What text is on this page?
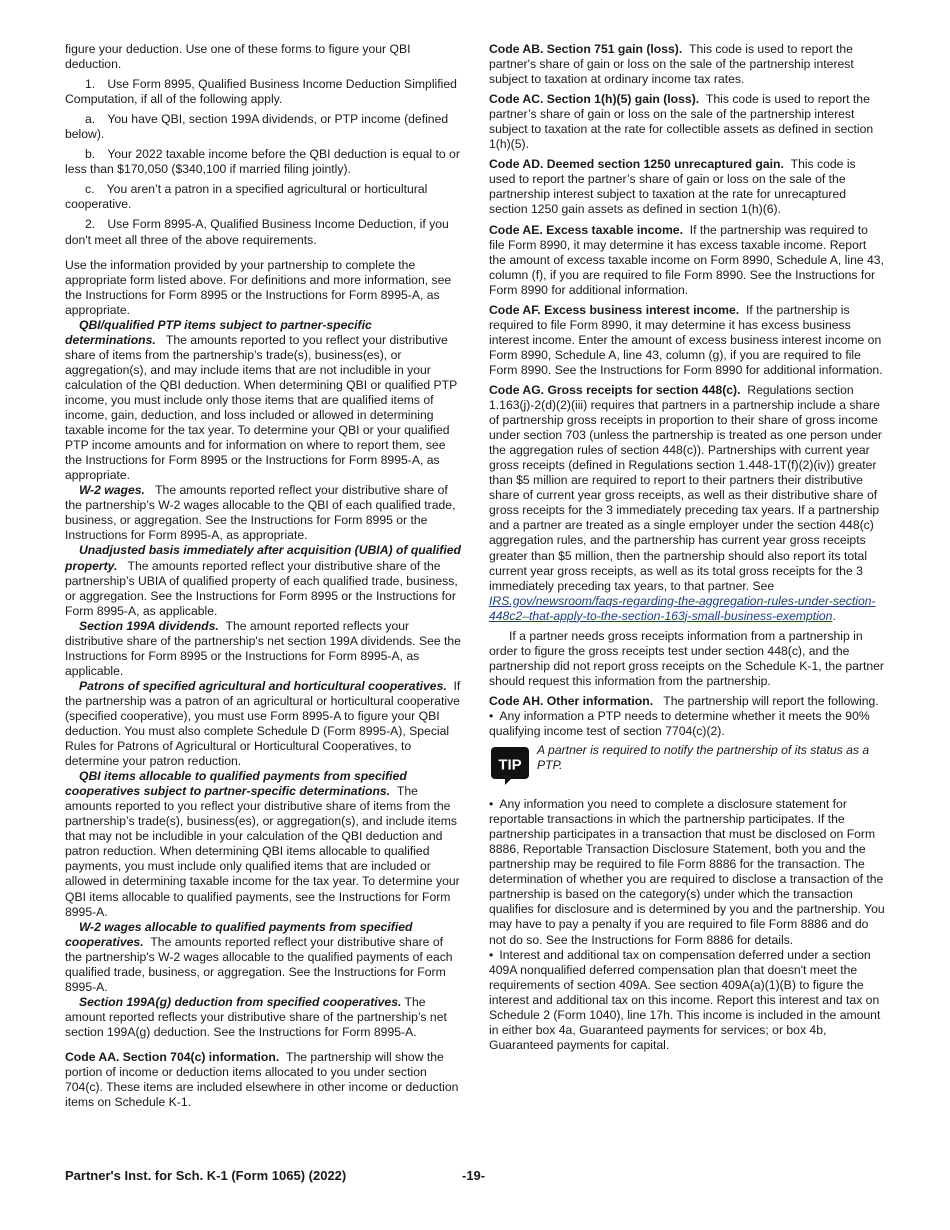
figure your deduction. Use one of these forms to figure your QBI deduction.

1. Use Form 8995, Qualified Business Income Deduction Simplified Computation, if all of the following apply.

a. You have QBI, section 199A dividends, or PTP income (defined below).

b. Your 2022 taxable income before the QBI deduction is equal to or less than $170,050 ($340,100 if married filing jointly).

c. You aren’t a patron in a specified agricultural or horticultural cooperative.

2. Use Form 8995-A, Qualified Business Income Deduction, if you don't meet all three of the above requirements.

Use the information provided by your partnership to complete the appropriate form listed above. For definitions and more information, see the Instructions for Form 8995 or the Instructions for Form 8995-A, as appropriate.

QBI/qualified PTP items subject to partner-specific determinations. The amounts reported to you reflect your distributive share of items from the partnership’s trade(s), business(es), or aggregation(s), and may include items that are not includible in your calculation of the QBI deduction. When determining QBI or qualified PTP income, you must include only those items that are qualified items of income, gain, deduction, and loss included or allowed in determining taxable income for the tax year. To determine your QBI or your qualified PTP income amounts and for information on where to report them, see the Instructions for Form 8995 or the Instructions for Form 8995-A, as appropriate.

W-2 wages. The amounts reported reflect your distributive share of the partnership’s W-2 wages allocable to the QBI of each qualified trade, business, or aggregation. See the Instructions for Form 8995 or the Instructions for Form 8995-A, as appropriate.

Unadjusted basis immediately after acquisition (UBIA) of qualified property. The amounts reported reflect your distributive share of the partnership’s UBIA of qualified property of each qualified trade, business, or aggregation. See the Instructions for Form 8995 or the Instructions for Form 8995-A, as applicable.

Section 199A dividends. The amount reported reflects your distributive share of the partnership's net section 199A dividends. See the Instructions for Form 8995 or the Instructions for Form 8995-A, as applicable.

Patrons of specified agricultural and horticultural cooperatives. If the partnership was a patron of an agricultural or horticultural cooperative (specified cooperative), you must use Form 8995-A to figure your QBI deduction. You must also complete Schedule D (Form 8995-A), Special Rules for Patrons of Agricultural or Horticultural Cooperatives, to determine your patron reduction.

QBI items allocable to qualified payments from specified cooperatives subject to partner-specific determinations. The amounts reported to you reflect your distributive share of items from the partnership’s trade(s), business(es), or aggregation(s), and include items that may not be includible in your calculation of the QBI deduction and patron reduction. When determining QBI items allocable to qualified payments, you must include only qualified items that are included or allowed in determining taxable income for the tax year. To determine your QBI items allocable to qualified payments, see the Instructions for Form 8995-A.

W-2 wages allocable to qualified payments from specified cooperatives. The amounts reported reflect your distributive share of the partnership's W-2 wages allocable to the qualified payments of each qualified trade, business, or aggregation. See the Instructions for Form 8995-A.

Section 199A(g) deduction from specified cooperatives. The amount reported reflects your distributive share of the partnership’s net section 199A(g) deduction. See the Instructions for Form 8995-A.

Code AA. Section 704(c) information. The partnership will show the portion of income or deduction items allocated to you under section 704(c). These items are included elsewhere in other income or deduction items on Schedule K-1.

Code AB. Section 751 gain (loss). This code is used to report the partner's share of gain or loss on the sale of the partnership interest subject to taxation at ordinary income tax rates.

Code AC. Section 1(h)(5) gain (loss). This code is used to report the partner’s share of gain or loss on the sale of the partnership interest subject to taxation at the rate for collectible assets as defined in section 1(h)(5).

Code AD. Deemed section 1250 unrecaptured gain. This code is used to report the partner’s share of gain or loss on the sale of the partnership interest subject to taxation at the rate for unrecaptured section 1250 gain assets as defined in section 1(h)(6).

Code AE. Excess taxable income. If the partnership was required to file Form 8990, it may determine it has excess taxable income. Report the amount of excess taxable income on Form 8990, Schedule A, line 43, column (f), if you are required to file Form 8990. See the Instructions for Form 8990 for additional information.

Code AF. Excess business interest income. If the partnership is required to file Form 8990, it may determine it has excess business interest income. Enter the amount of excess business interest income on Form 8990, Schedule A, line 43, column (g), if you are required to file Form 8990. See the Instructions for Form 8990 for additional information.

Code AG. Gross receipts for section 448(c). Regulations section 1.163(j)-2(d)(2)(iii) requires that partners in a partnership include a share of partnership gross receipts in proportion to their share of gross income under section 703 (unless the partnership is treated as one person under the aggregation rules of section 448(c)). Partnerships with current year gross receipts (defined in Regulations section 1.448-1T(f)(2)(iv)) greater than $5 million are required to report to their partners their distributive share of current year gross receipts, as well as their distributive share of gross receipts for the 3 immediately preceding tax years. If a partnership and a partner are treated as a single employer under the section 448(c) aggregation rules, and the partnership has current year gross receipts greater than $5 million, then the partnership should also report its total current year gross receipts, as well as its total gross receipts for the 3 immediately preceding tax years, to that partner. See IRS.gov/newsroom/faqs-regarding-the-aggregation-rules-under-section-448c2–that-apply-to-the-section-163j-small-business-exemption.

If a partner needs gross receipts information from a partnership in order to figure the gross receipts test under section 448(c), and the partnership did not report gross receipts on the Schedule K-1, the partner should request this information from the partnership.

Code AH. Other information. The partnership will report the following.

• Any information a PTP needs to determine whether it meets the 90% qualifying income test of section 7704(c)(2).

TIP
A partner is required to notify the partnership of its status as a PTP.

• Any information you need to complete a disclosure statement for reportable transactions in which the partnership participates. If the partnership participates in a transaction that must be disclosed on Form 8886, Reportable Transaction Disclosure Statement, both you and the partnership may be required to file Form 8886 for the transaction. The determination of whether you are required to disclose a transaction of the partnership is based on the category(s) under which the transaction qualifies for disclosure and is determined by you and the partnership. You may have to pay a penalty if you are required to file Form 8886 and do not do so. See the Instructions for Form 8886 for details.

• Interest and additional tax on compensation deferred under a section 409A nonqualified deferred compensation plan that doesn't meet the requirements of section 409A. See section 409A(a)(1)(B) to figure the interest and additional tax on this income. Report this interest and tax on Schedule 2 (Form 1040), line 17h. This income is included in the amount in either box 4a, Guaranteed payments for services; or box 4b, Guaranteed payments for capital.

Partner's Inst. for Sch. K-1 (Form 1065) (2022)	-19-
